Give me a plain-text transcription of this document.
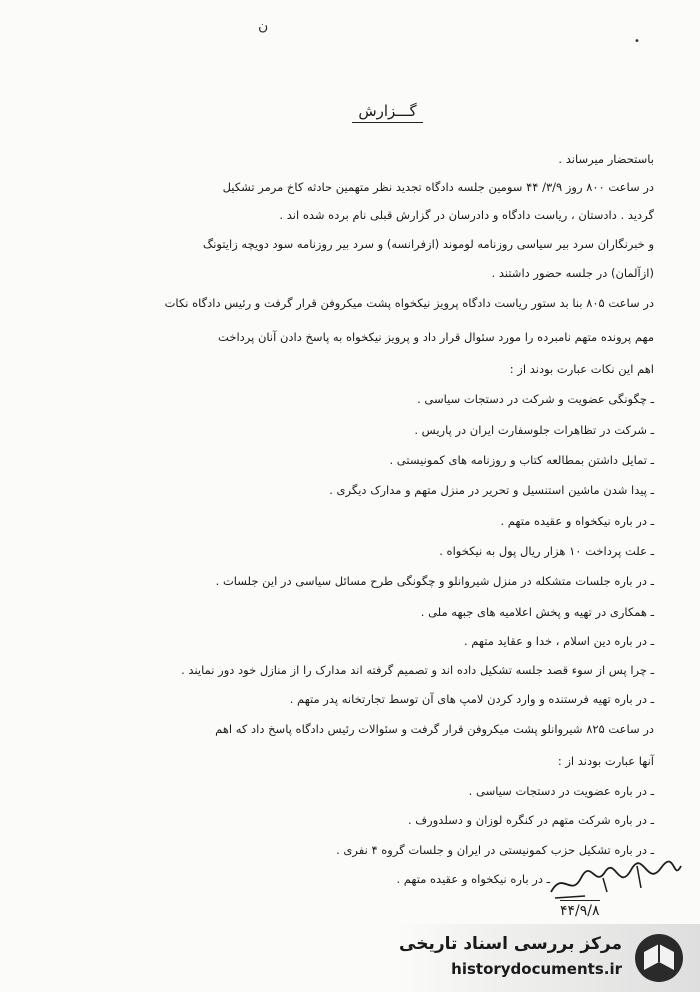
ن
•
گـــزارش
باستحضار میرساند .
در ساعت ۸۰۰ روز ۳/۹/ ۴۴ سومین جلسه دادگاه تجدید نظر متهمین حادثه کاخ مرمر تشکیل
گردید . دادستان ، ریاست دادگاه و دادرسان در گزارش قبلی نام برده شده اند .
و خبرنگاران سرد بیر سیاسی روزنامه لوموند (ازفرانسه) و سرد بیر روزنامه سود دویچه زایتونگ
(ازآلمان) در جلسه حضور داشتند .
در ساعت ۸۰۵ بنا بد ستور ریاست دادگاه پرویز نیکخواه پشت میکروفن قرار گرفت و رئیس دادگاه نکات
مهم پرونده متهم نامبرده را مورد سئوال قرار داد و پرویز نیکخواه به پاسخ دادن آنان پرداخت
اهم این نکات عبارت بودند از :
ـ چگونگی عضویت و شرکت در دستجات سیاسی .
ـ شرکت در تظاهرات جلوسفارت ایران در پاریس .
ـ تمایل داشتن بمطالعه کتاب و روزنامه های کمونیستی .
ـ پیدا شدن ماشین استنسیل و تحریر در منزل متهم و مدارک دیگری .
ـ در باره نیکخواه و عقیده متهم .
ـ علت پرداخت ۱۰ هزار ریال پول به نیکخواه .
ـ در باره جلسات متشکله در منزل شیروانلو و چگونگی طرح مسائل سیاسی در این جلسات .
ـ همکاری در تهیه و پخش اعلامیه های جبهه ملی .
ـ در باره دین اسلام ، خدا و عقاید متهم .
ـ چرا پس از سوء قصد جلسه تشکیل داده اند و تصمیم گرفته اند مدارک را از منازل خود دور نمایند .
ـ در باره تهیه فرستنده و وارد کردن لامپ های آن توسط تجارتخانه پدر متهم .
در ساعت ۸۲۵ شیروانلو پشت میکروفن قرار گرفت و سئوالات رئیس دادگاه پاسخ داد که اهم
آنها عبارت بودند از :
ـ در باره عضویت در دستجات سیاسی .
ـ در باره شرکت متهم در کنگره لوزان و دسلدورف .
ـ در باره تشکیل حزب کمونیستی در ایران و جلسات گروه ۴ نفری .
ـ در باره نیکخواه و عقیده متهم .
۴۴/۹/۸
مرکز بررسی اسناد تاریخی
historydocuments.ir
